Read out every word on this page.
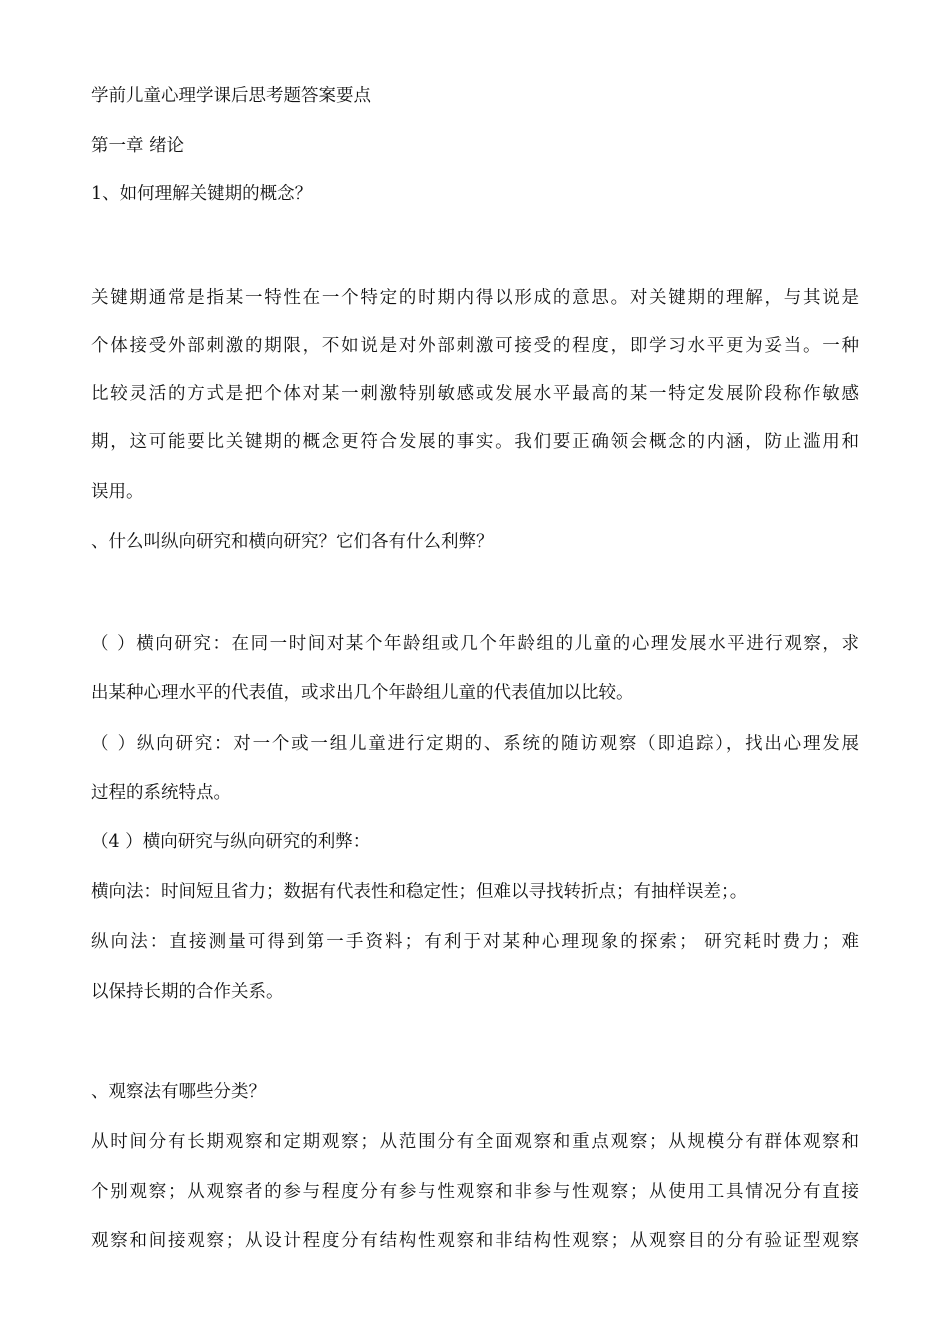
学前儿童心理学课后思考题答案要点
第一章 绪论
1、如何理解关键期的概念？
关键期通常是指某一特性在一个特定的时期内得以形成的意思。对关键期的理解，与其说是
个体接受外部刺激的期限，不如说是对外部刺激可接受的程度，即学习水平更为妥当。一种
比较灵活的方式是把个体对某一刺激特别敏感或发展水平最高的某一特定发展阶段称作敏感
期，这可能要比关键期的概念更符合发展的事实。我们要正确领会概念的内涵，防止滥用和
误用。
、什么叫纵向研究和横向研究？它们各有什么利弊？
（ ）横向研究：在同一时间对某个年龄组或几个年龄组的儿童的心理发展水平进行观察，求
出某种心理水平的代表值，或求出几个年龄组儿童的代表值加以比较。
（ ）纵向研究：对一个或一组儿童进行定期的、系统的随访观察（即追踪），找出心理发展
过程的系统特点。
（4 ）横向研究与纵向研究的利弊：
横向法：时间短且省力；数据有代表性和稳定性；但难以寻找转折点；有抽样误差；。
纵向法：直接测量可得到第一手资料；有利于对某种心理现象的探索； 研究耗时费力；难
以保持长期的合作关系。
、观察法有哪些分类？
从时间分有长期观察和定期观察；从范围分有全面观察和重点观察；从规模分有群体观察和
个别观察；从观察者的参与程度分有参与性观察和非参与性观察；从使用工具情况分有直接
观察和间接观察；从设计程度分有结构性观察和非结构性观察；从观察目的分有验证型观察
